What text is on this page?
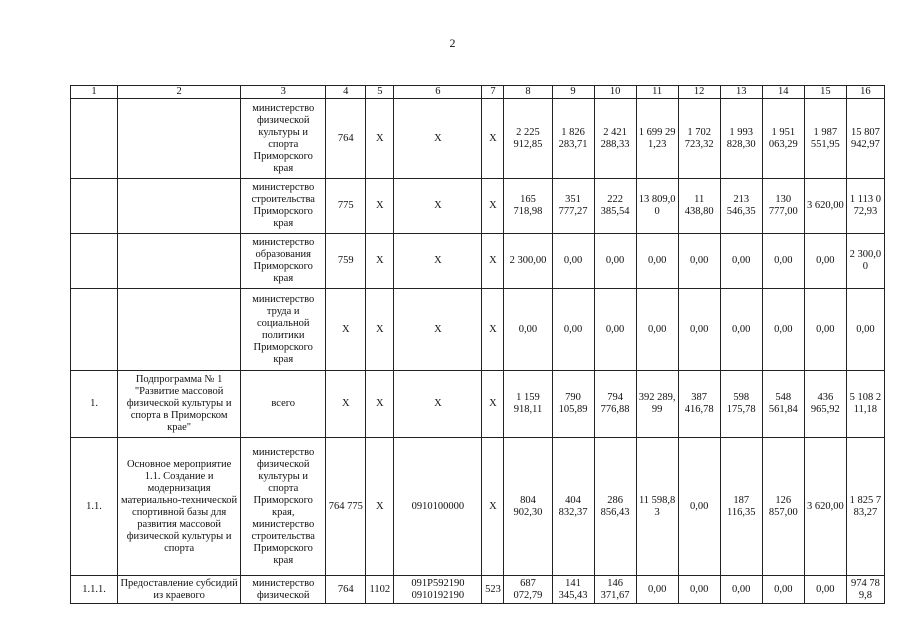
2
1	2	3	4	5	6	7	8	9	10	11	12	13	14	15	16
		министерство физической культуры и спорта Приморского края	764	X	X	X	2 225 912,85	1 826 283,71	2 421 288,33	1 699 291,23	1 702 723,32	1 993 828,30	1 951 063,29	1 987 551,95	15 807 942,97
		министерство строительства Приморского края	775	X	X	X	165 718,98	351 777,27	222 385,54	13 809,00	11 438,80	213 546,35	130 777,00	3 620,00	1 113 072,93
		министерство образования Приморского края	759	X	X	X	2 300,00	0,00	0,00	0,00	0,00	0,00	0,00	0,00	2 300,00
		министерство труда и социальной политики Приморского края	X	X	X	X	0,00	0,00	0,00	0,00	0,00	0,00	0,00	0,00	0,00
1.	Подпрограмма № 1 "Развитие массовой физической культуры и спорта в Приморском крае"	всего	X	X	X	X	1 159 918,11	790 105,89	794 776,88	392 289,99	387 416,78	598 175,78	548 561,84	436 965,92	5 108 211,18
1.1.	Основное мероприятие 1.1. Создание и модернизация материально-технической спортивной базы для развития массовой физической культуры и спорта	министерство физической культуры и спорта Приморского края, министерство строительства Приморского края	764 775	X	0910100000	X	804 902,30	404 832,37	286 856,43	11 598,83	0,00	187 116,35	126 857,00	3 620,00	1 825 783,27
1.1.1.	Предоставление субсидий из краевого	министерство физической	764	1102	091P592190 0910192190	523	687 072,79	141 345,43	146 371,67	0,00	0,00	0,00	0,00	0,00	974 789,8
